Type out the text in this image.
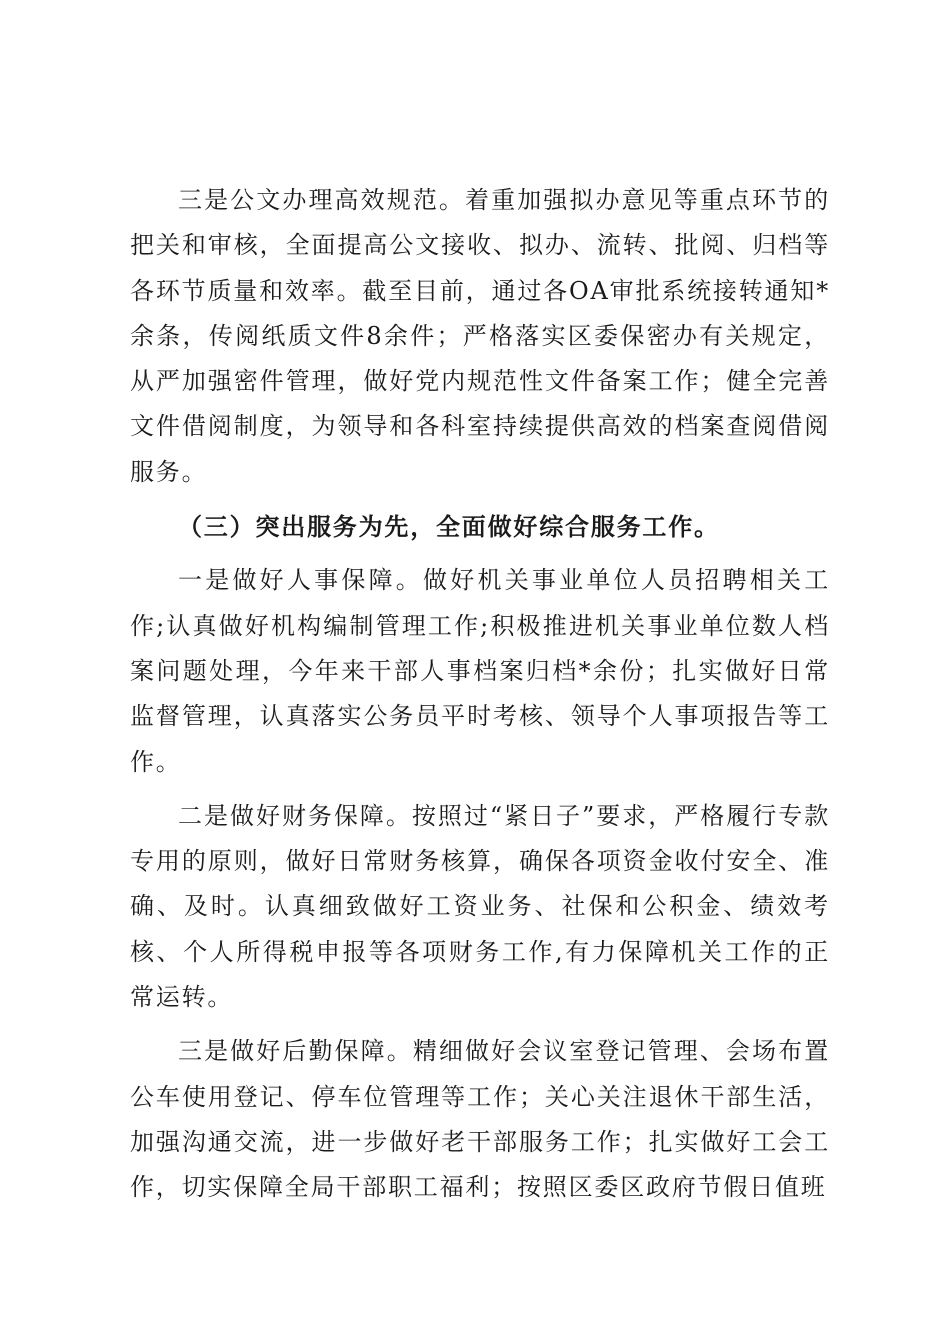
三是公文办理高效规范。着重加强拟办意见等重点环节的把关和审核，全面提高公文接收、拟办、流转、批阅、归档等各环节质量和效率。截至目前，通过各OA审批系统接转通知*余条，传阅纸质文件8余件；严格落实区委保密办有关规定，从严加强密件管理，做好党内规范性文件备案工作；健全完善文件借阅制度，为领导和各科室持续提供高效的档案查阅借阅服务。

（三）突出服务为先，全面做好综合服务工作。

一是做好人事保障。做好机关事业单位人员招聘相关工作;认真做好机构编制管理工作;积极推进机关事业单位数人档案问题处理，今年来干部人事档案归档*余份；扎实做好日常监督管理，认真落实公务员平时考核、领导个人事项报告等工作。

二是做好财务保障。按照过“紧日子”要求，严格履行专款专用的原则，做好日常财务核算，确保各项资金收付安全、准确、及时。认真细致做好工资业务、社保和公积金、绩效考核、个人所得税申报等各项财务工作,有力保障机关工作的正常运转。

三是做好后勤保障。精细做好会议室登记管理、会场布置公车使用登记、停车位管理等工作；关心关注退休干部生活，加强沟通交流，进一步做好老干部服务工作；扎实做好工会工作，切实保障全局干部职工福利；按照区委区政府节假日值班
